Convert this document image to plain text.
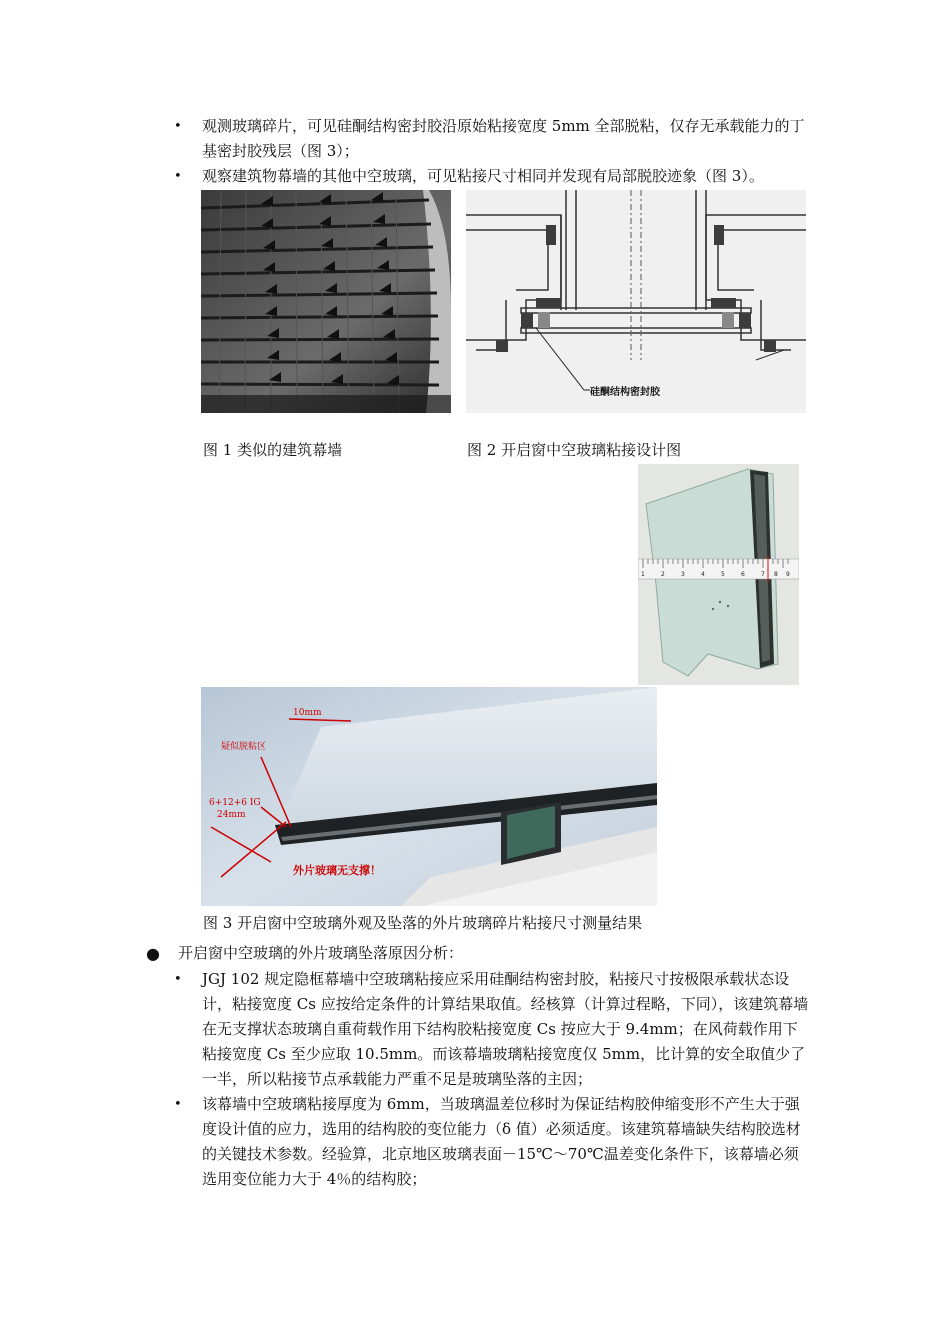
• 观测玻璃碎片，可见硅酮结构密封胶沿原始粘接宽度 5mm 全部脱粘，仅存无承载能力的丁基密封胶残层（图 3）；
• 观察建筑物幕墙的其他中空玻璃，可见粘接尺寸相同并发现有局部脱胶迹象（图 3）。
硅酮结构密封胶
图 1 类似的建筑幕墙	图 2 开启窗中空玻璃粘接设计图
1	2	3	4	5	6	7 8 9
10mm
疑似脱粘区
6+12+6 IG
24mm
外片玻璃无支撑！
图 3 开启窗中空玻璃外观及坠落的外片玻璃碎片粘接尺寸测量结果
● 开启窗中空玻璃的外片玻璃坠落原因分析：
• JGJ 102 规定隐框幕墙中空玻璃粘接应采用硅酮结构密封胶，粘接尺寸按极限承载状态设计，粘接宽度 Cs 应按给定条件的计算结果取值。经核算（计算过程略，下同），该建筑幕墙在无支撑状态玻璃自重荷载作用下结构胶粘接宽度 Cs 按应大于 9.4mm；在风荷载作用下粘接宽度 Cs 至少应取 10.5mm。而该幕墙玻璃粘接宽度仅 5mm，比计算的安全取值少了一半，所以粘接节点承载能力严重不足是玻璃坠落的主因；
• 该幕墙中空玻璃粘接厚度为 6mm，当玻璃温差位移时为保证结构胶伸缩变形不产生大于强度设计值的应力，选用的结构胶的变位能力（δ 值）必须适度。该建筑幕墙缺失结构胶选材的关键技术参数。经验算，北京地区玻璃表面－15℃～70℃温差变化条件下，该幕墙必须选用变位能力大于 4％的结构胶；
